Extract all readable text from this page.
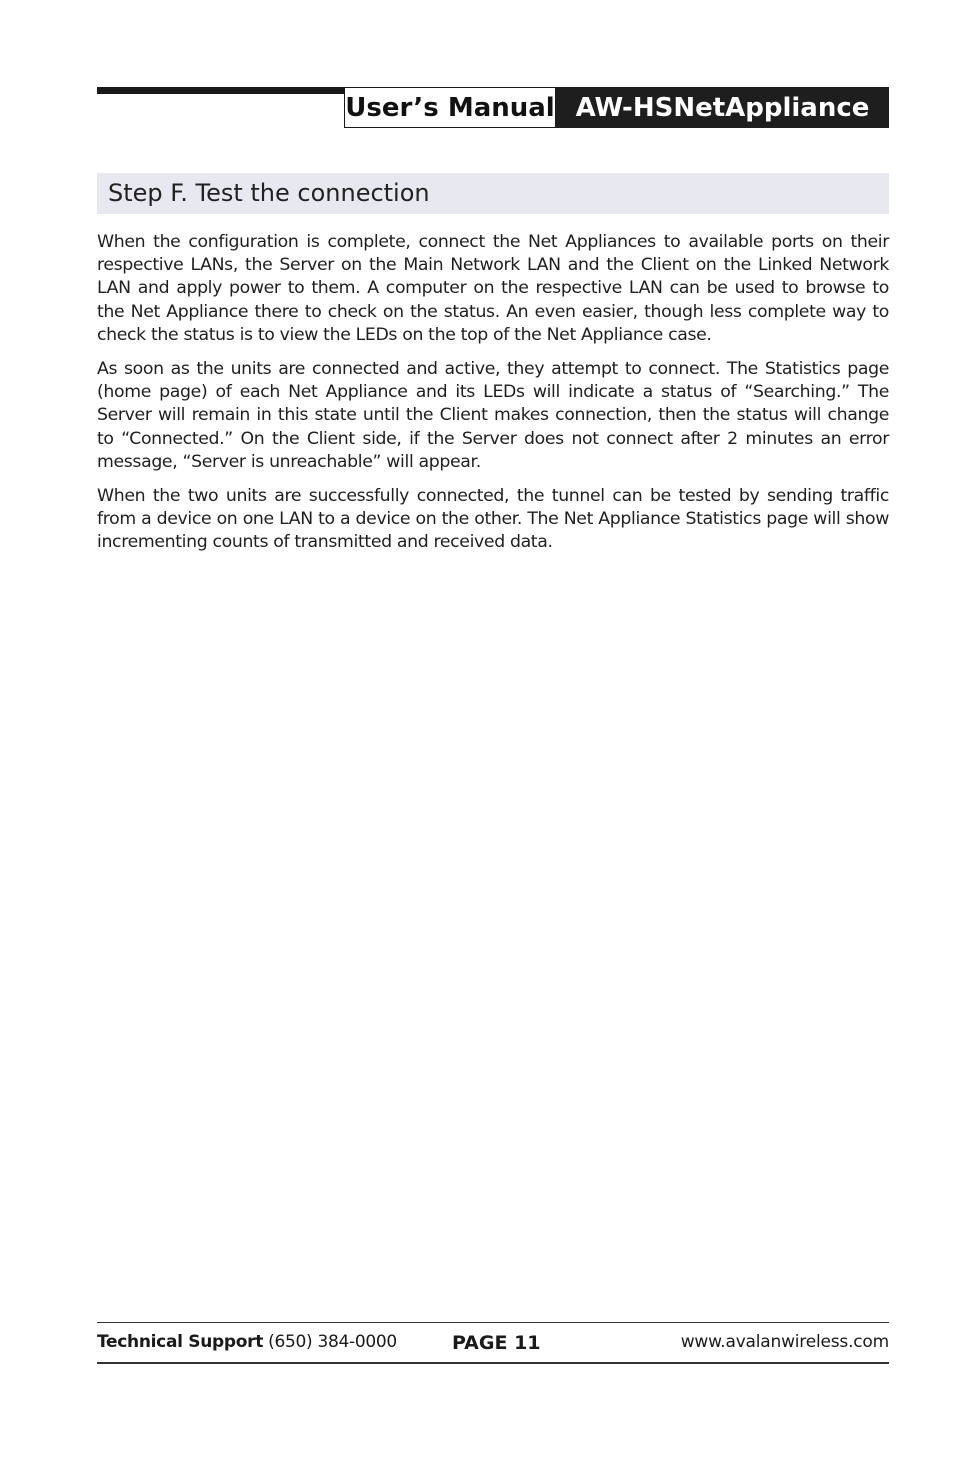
User’s Manual AW-HSNetAppliance
Step F. Test the connection

When the configuration is complete, connect the Net Appliances to available ports on their respective LANs, the Server on the Main Network LAN and the Client on the Linked Network LAN and apply power to them. A computer on the respective LAN can be used to browse to the Net Appliance there to check on the status. An even easier, though less complete way to check the status is to view the LEDs on the top of the Net Appliance case.

As soon as the units are connected and active, they attempt to connect. The Statistics page (home page) of each Net Appliance and its LEDs will indicate a status of “Searching.” The Server will remain in this state until the Client makes connection, then the status will change to “Connected.” On the Client side, if the Server does not connect after 2 minutes an error message, “Server is unreachable” will appear.

When the two units are successfully connected, the tunnel can be tested by sending traffic from a device on one LAN to a device on the other. The Net Appliance Statistics page will show incrementing counts of transmitted and received data.

Technical Support (650) 384-0000	PAGE 11	www.avalanwireless.com
